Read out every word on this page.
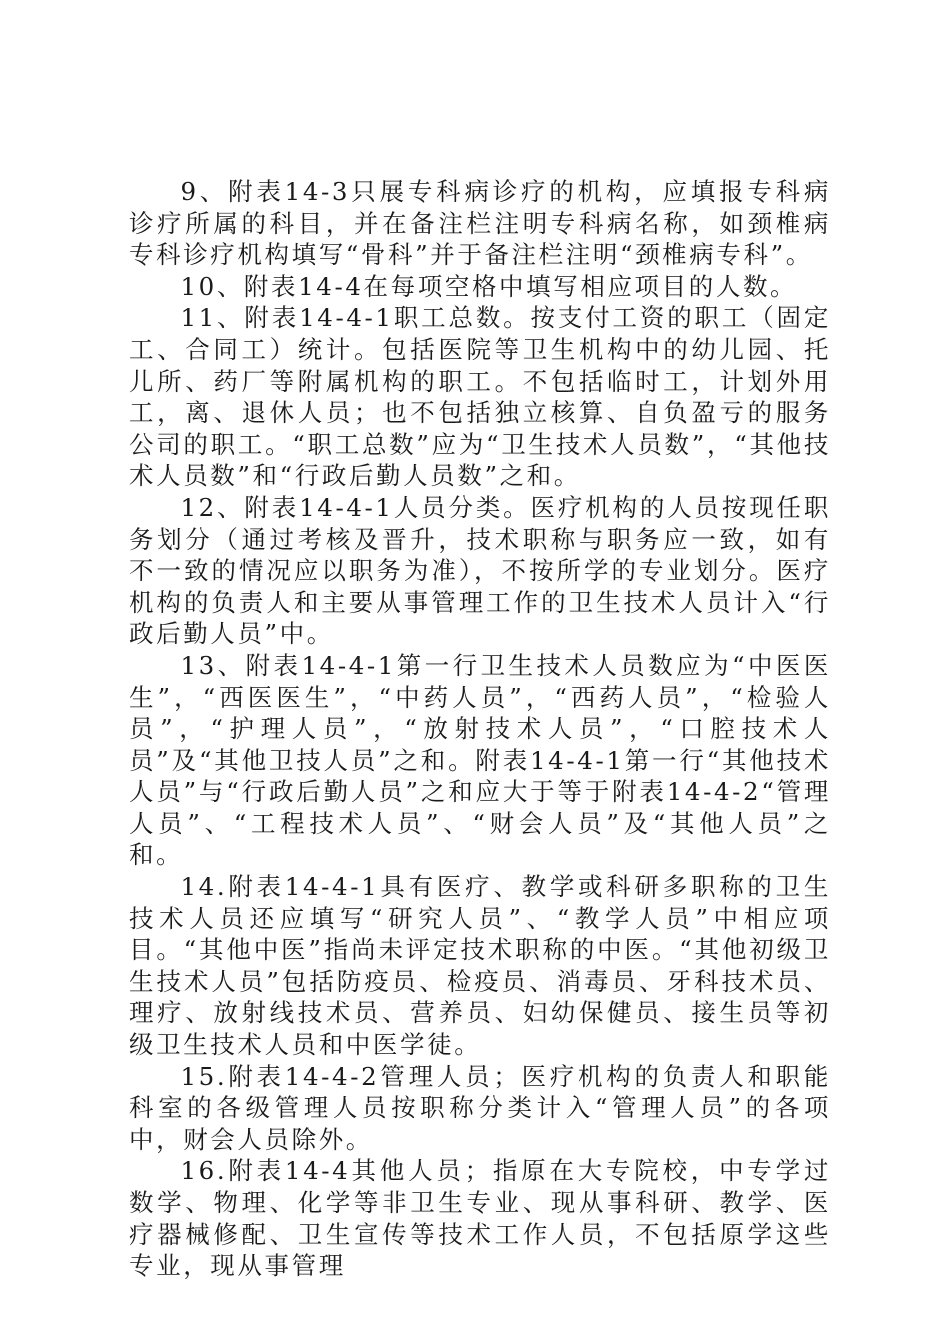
9、附表14-3只展专科病诊疗的机构，应填报专科病诊疗所属的科目，并在备注栏注明专科病名称，如颈椎病专科诊疗机构填写“骨科”并于备注栏注明“颈椎病专科”。

10、附表14-4在每项空格中填写相应项目的人数。

11、附表14-4-1职工总数。按支付工资的职工（固定工、合同工）统计。包括医院等卫生机构中的幼儿园、托儿所、药厂等附属机构的职工。不包括临时工，计划外用工，离、退休人员；也不包括独立核算、自负盈亏的服务公司的职工。“职工总数”应为“卫生技术人员数”，“其他技术人员数”和“行政后勤人员数”之和。

12、附表14-4-1人员分类。医疗机构的人员按现任职务划分（通过考核及晋升，技术职称与职务应一致，如有不一致的情况应以职务为准），不按所学的专业划分。医疗机构的负责人和主要从事管理工作的卫生技术人员计入“行政后勤人员”中。

13、附表14-4-1第一行卫生技术人员数应为“中医医生”，“西医医生”，“中药人员”，“西药人员”，“检验人员”，“护理人员”，“放射技术人员”，“口腔技术人员”及“其他卫技人员”之和。附表14-4-1第一行“其他技术人员”与“行政后勤人员”之和应大于等于附表14-4-2“管理人员”、“工程技术人员”、“财会人员”及“其他人员”之和。

14.附表14-4-1具有医疗、教学或科研多职称的卫生技术人员还应填写“研究人员”、“教学人员”中相应项目。“其他中医”指尚未评定技术职称的中医。“其他初级卫生技术人员”包括防疫员、检疫员、消毒员、牙科技术员、理疗、放射线技术员、营养员、妇幼保健员、接生员等初级卫生技术人员和中医学徒。

15.附表14-4-2管理人员；医疗机构的负责人和职能科室的各级管理人员按职称分类计入“管理人员”的各项中，财会人员除外。

16.附表14-4其他人员；指原在大专院校，中专学过数学、物理、化学等非卫生专业、现从事科研、教学、医疗器械修配、卫生宣传等技术工作人员，不包括原学这些专业，现从事管理
